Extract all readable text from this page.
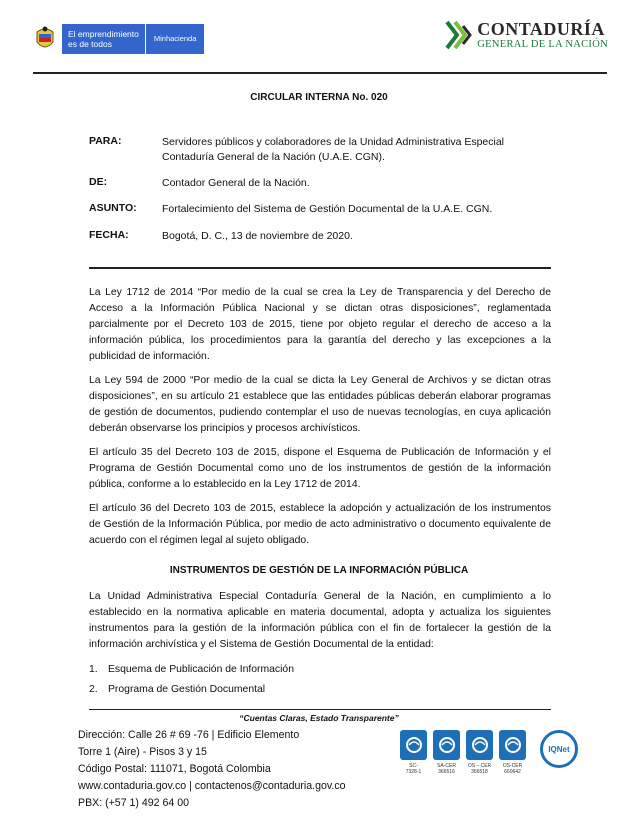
El emprendimiento
es de todos
Minhacienda	CONTADURÍA
GENERAL DE LA NACIÓN
CIRCULAR INTERNA No. 020
PARA:	Servidores públicos y colaboradores de la Unidad Administrativa Especial Contaduría General de la Nación (U.A.E. CGN).
DE:	Contador General de la Nación.
ASUNTO:	Fortalecimiento del Sistema de Gestión Documental de la U.A.E. CGN.
FECHA:	Bogotá, D. C., 13 de noviembre de 2020.

La Ley 1712 de 2014 “Por medio de la cual se crea la Ley de Transparencia y del Derecho de Acceso a la Información Pública Nacional y se dictan otras disposiciones”, reglamentada parcialmente por el Decreto 103 de 2015, tiene por objeto regular el derecho de acceso a la información pública, los procedimientos para la garantía del derecho y las excepciones a la publicidad de información.

La Ley 594 de 2000 “Por medio de la cual se dicta la Ley General de Archivos y se dictan otras disposiciones”, en su artículo 21 establece que las entidades públicas deberán elaborar programas de gestión de documentos, pudiendo contemplar el uso de nuevas tecnologías, en cuya aplicación deberán observarse los principios y procesos archivísticos.

El artículo 35 del Decreto 103 de 2015, dispone el Esquema de Publicación de Información y el Programa de Gestión Documental como uno de los instrumentos de gestión de la información pública, conforme a lo establecido en la Ley 1712 de 2014.

El artículo 36 del Decreto 103 de 2015, establece la adopción y actualización de los instrumentos de Gestión de la Información Pública, por medio de acto administrativo o documento equivalente de acuerdo con el régimen legal al sujeto obligado.

INSTRUMENTOS DE GESTIÓN DE LA INFORMACIÓN PÚBLICA

La Unidad Administrativa Especial Contaduría General de la Nación, en cumplimiento a lo establecido en la normativa aplicable en materia documental, adopta y actualiza los siguientes instrumentos para la gestión de la información pública con el fin de fortalecer la gestión de la información archivística y el Sistema de Gestión Documental de la entidad:

1. Esquema de Publicación de Información
2. Programa de Gestión Documental
“Cuentas Claras, Estado Transparente”
Dirección: Calle 26 # 69 -76 | Edificio Elemento
Torre 1 (Aire) - Pisos 3 y 15
Código Postal: 111071, Bogotá Colombia
www.contaduria.gov.co | contactenos@contaduria.gov.co
PBX: (+57 1) 492 64 00
SC-
7328-1
SA-CER
366516
OS – CER
366518
OS-CER
660642
IQNet
